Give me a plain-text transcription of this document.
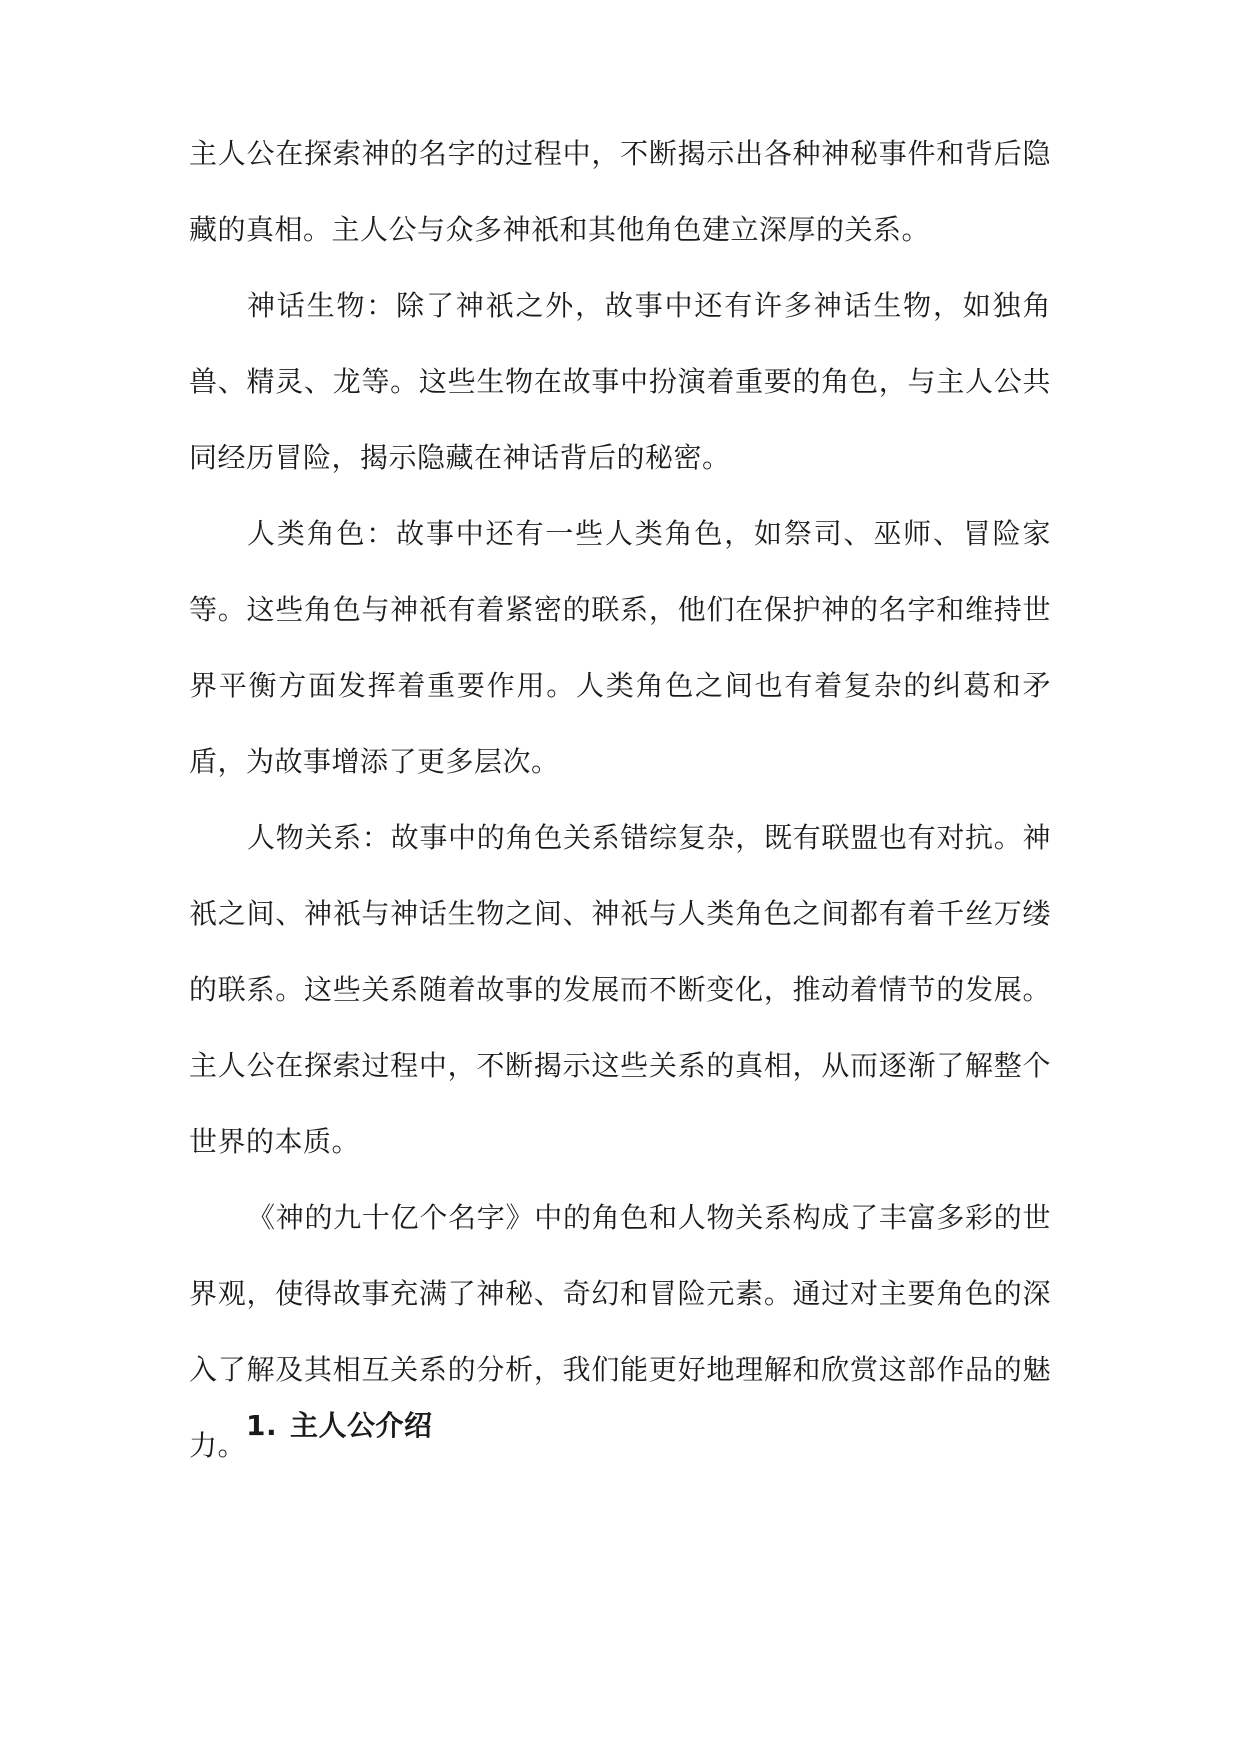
主人公在探索神的名字的过程中，不断揭示出各种神秘事件和背后隐藏的真相。主人公与众多神祇和其他角色建立深厚的关系。

神话生物：除了神祇之外，故事中还有许多神话生物，如独角兽、精灵、龙等。这些生物在故事中扮演着重要的角色，与主人公共同经历冒险，揭示隐藏在神话背后的秘密。

人类角色：故事中还有一些人类角色，如祭司、巫师、冒险家等。这些角色与神祇有着紧密的联系，他们在保护神的名字和维持世界平衡方面发挥着重要作用。人类角色之间也有着复杂的纠葛和矛盾，为故事增添了更多层次。

人物关系：故事中的角色关系错综复杂，既有联盟也有对抗。神祇之间、神祇与神话生物之间、神祇与人类角色之间都有着千丝万缕的联系。这些关系随着故事的发展而不断变化，推动着情节的发展。主人公在探索过程中，不断揭示这些关系的真相，从而逐渐了解整个世界的本质。

《神的九十亿个名字》中的角色和人物关系构成了丰富多彩的世界观，使得故事充满了神秘、奇幻和冒险元素。通过对主要角色的深入了解及其相互关系的分析，我们能更好地理解和欣赏这部作品的魅力。

1. 主人公介绍
